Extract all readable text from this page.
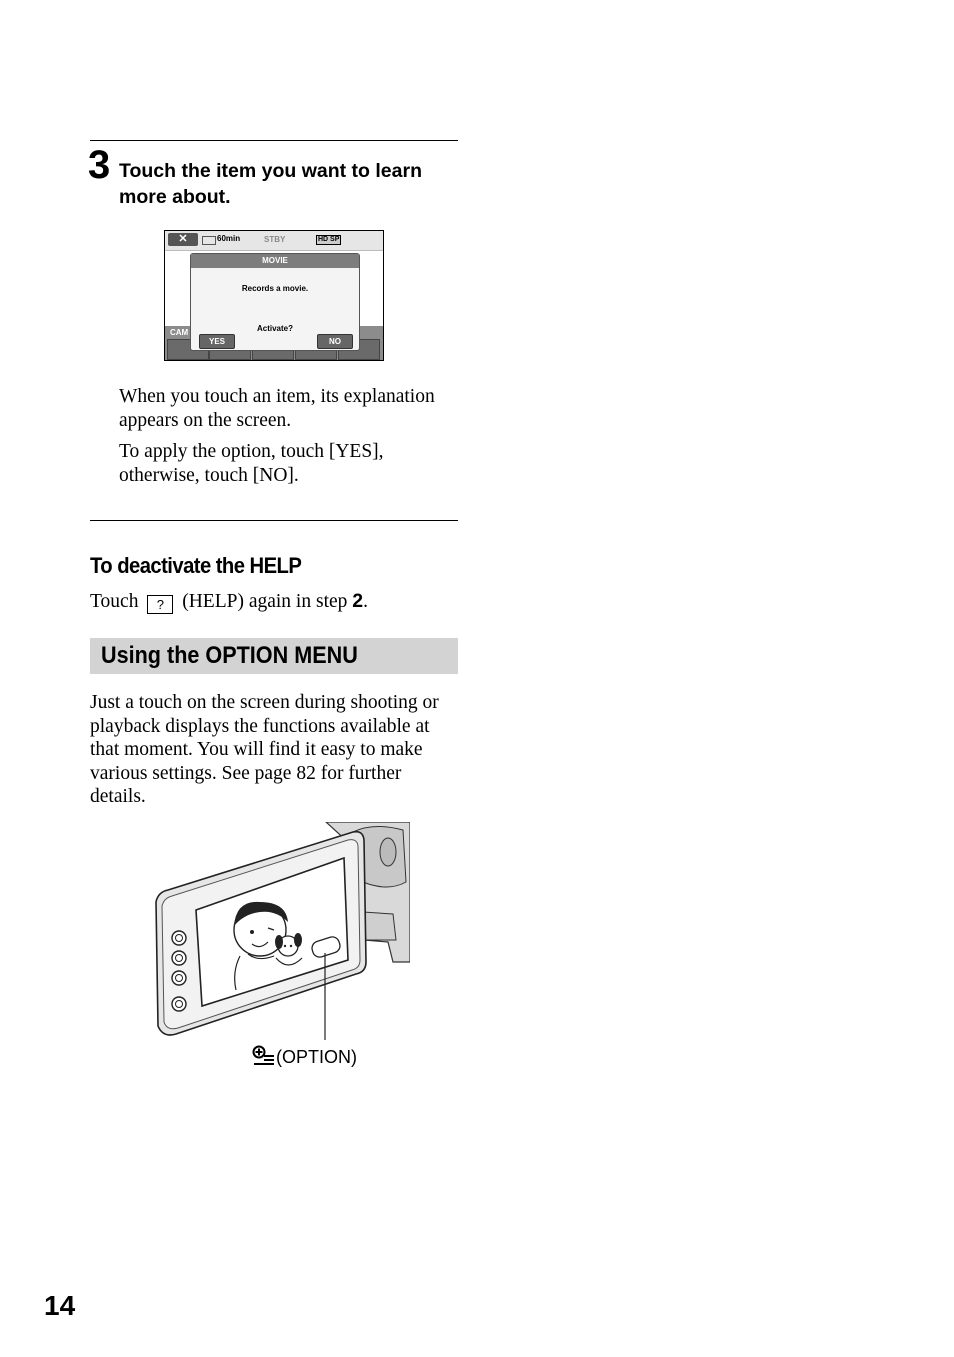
3 Touch the item you want to learn more about.
✕	60min	STBY	HD SP
CAM
MOVIE
Records a movie.
Activate?
YES	NO
When you touch an item, its explanation appears on the screen.
To apply the option, touch [YES], otherwise, touch [NO].
To deactivate the HELP
Touch ? (HELP) again in step 2.
Using the OPTION MENU
Just a touch on the screen during shooting or playback displays the functions available at that moment. You will find it easy to make various settings. See page 82 for further details.
(OPTION)
14
